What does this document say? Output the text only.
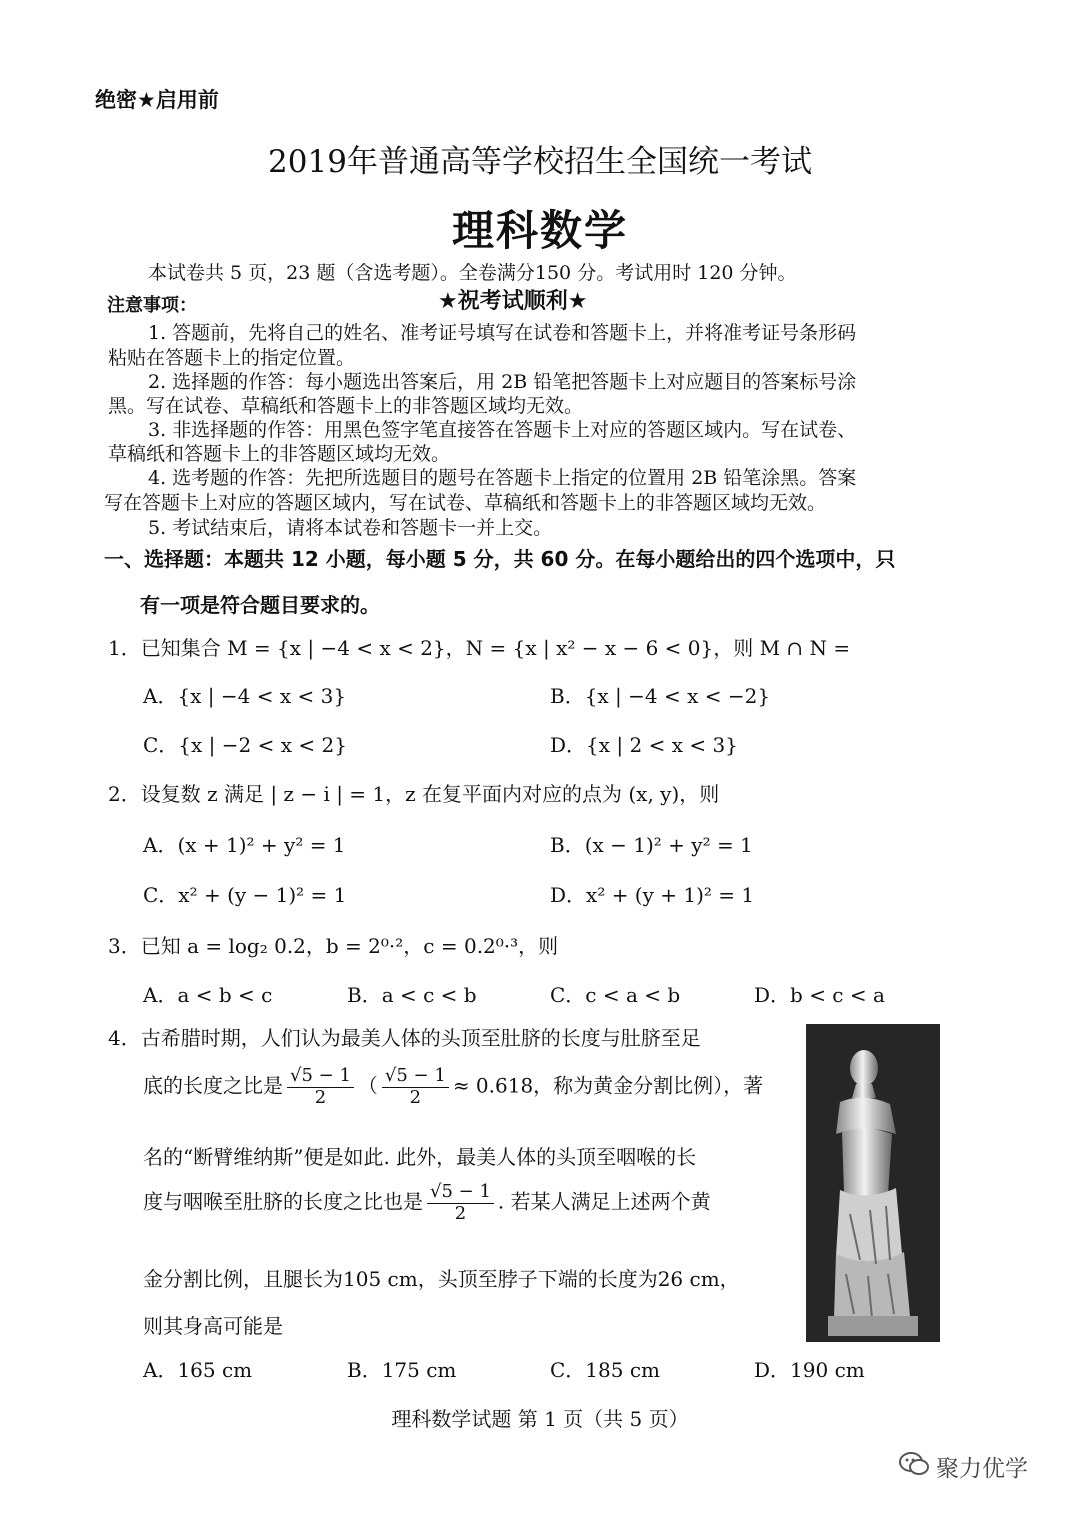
绝密★启用前
2019年普通高等学校招生全国统一考试
理科数学
本试卷共 5 页，23 题（含选考题）。全卷满分150 分。考试用时 120 分钟。
注意事项：	★祝考试顺利★
1. 答题前，先将自己的姓名、准考证号填写在试卷和答题卡上，并将准考证号条形码
粘贴在答题卡上的指定位置。
2. 选择题的作答：每小题选出答案后，用 2B 铅笔把答题卡上对应题目的答案标号涂
黑。写在试卷、草稿纸和答题卡上的非答题区域均无效。
3. 非选择题的作答：用黑色签字笔直接答在答题卡上对应的答题区域内。写在试卷、
草稿纸和答题卡上的非答题区域均无效。
4. 选考题的作答：先把所选题目的题号在答题卡上指定的位置用 2B 铅笔涂黑。答案
写在答题卡上对应的答题区域内，写在试卷、草稿纸和答题卡上的非答题区域均无效。
5. 考试结束后，请将本试卷和答题卡一并上交。
一、选择题：本题共 12 小题，每小题 5 分，共 60 分。在每小题给出的四个选项中，只
有一项是符合题目要求的。
1．已知集合 M = {x | −4 < x < 2}，N = {x | x² − x − 6 < 0}，则 M ∩ N =
A．{x | −4 < x < 3}	B．{x | −4 < x < −2}
C．{x | −2 < x < 2}	D．{x | 2 < x < 3}
2．设复数 z 满足 | z − i | = 1，z 在复平面内对应的点为 (x, y)，则
A．(x + 1)² + y² = 1	B．(x − 1)² + y² = 1
C．x² + (y − 1)² = 1	D．x² + (y + 1)² = 1
3．已知 a = log₂ 0.2，b = 2⁰·²，c = 0.2⁰·³，则
A．a < b < c	B．a < c < b	C．c < a < b	D．b < c < a
4．古希腊时期，人们认为最美人体的头顶至肚脐的长度与肚脐至足
底的长度之比是 $\frac{√5 - 1}{2}$ （ $\frac{√5 - 1}{2} \approx 0.618$，称为黄金分割比例），著
名的“断臂维纳斯”便是如此. 此外，最美人体的头顶至咽喉的长
度与咽喉至肚脐的长度之比也是 $\frac{√5 - 1}{2}$ . 若某人满足上述两个黄
金分割比例，且腿长为105 cm，头顶至脖子下端的长度为26 cm，
则其身高可能是
A．165 cm	B．175 cm	C．185 cm	D．190 cm
理科数学试题 第 1 页（共 5 页）
聚力优学
